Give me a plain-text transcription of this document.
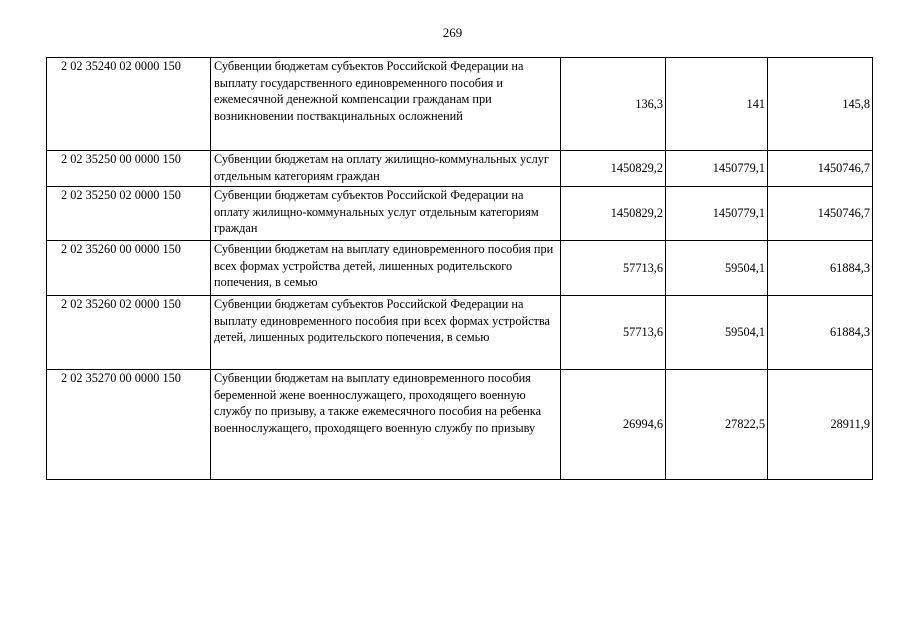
269
2 02 35240 02 0000 150	Субвенции бюджетам субъектов Российской Федерации на выплату государственного единовременного пособия и ежемесячной денежной компенсации гражданам при возникновении поствакцинальных осложнений	136,3	141	145,8
2 02 35250 00 0000 150	Субвенции бюджетам на оплату жилищно-коммунальных услуг отдельным категориям граждан	1450829,2	1450779,1	1450746,7
2 02 35250 02 0000 150	Субвенции бюджетам субъектов Российской Федерации на оплату жилищно-коммунальных услуг отдельным категориям граждан	1450829,2	1450779,1	1450746,7
2 02 35260 00 0000 150	Субвенции бюджетам на выплату единовременного пособия при всех формах устройства детей, лишенных родительского попечения, в семью	57713,6	59504,1	61884,3
2 02 35260 02 0000 150	Субвенции бюджетам субъектов Российской Федерации на выплату единовременного пособия при всех формах устройства детей, лишенных родительского попечения, в семью	57713,6	59504,1	61884,3
2 02 35270 00 0000 150	Субвенции бюджетам на выплату единовременного пособия беременной жене военнослужащего, проходящего военную службу по призыву, а также ежемесячного пособия на ребенка военнослужащего, проходящего военную службу по призыву	26994,6	27822,5	28911,9
